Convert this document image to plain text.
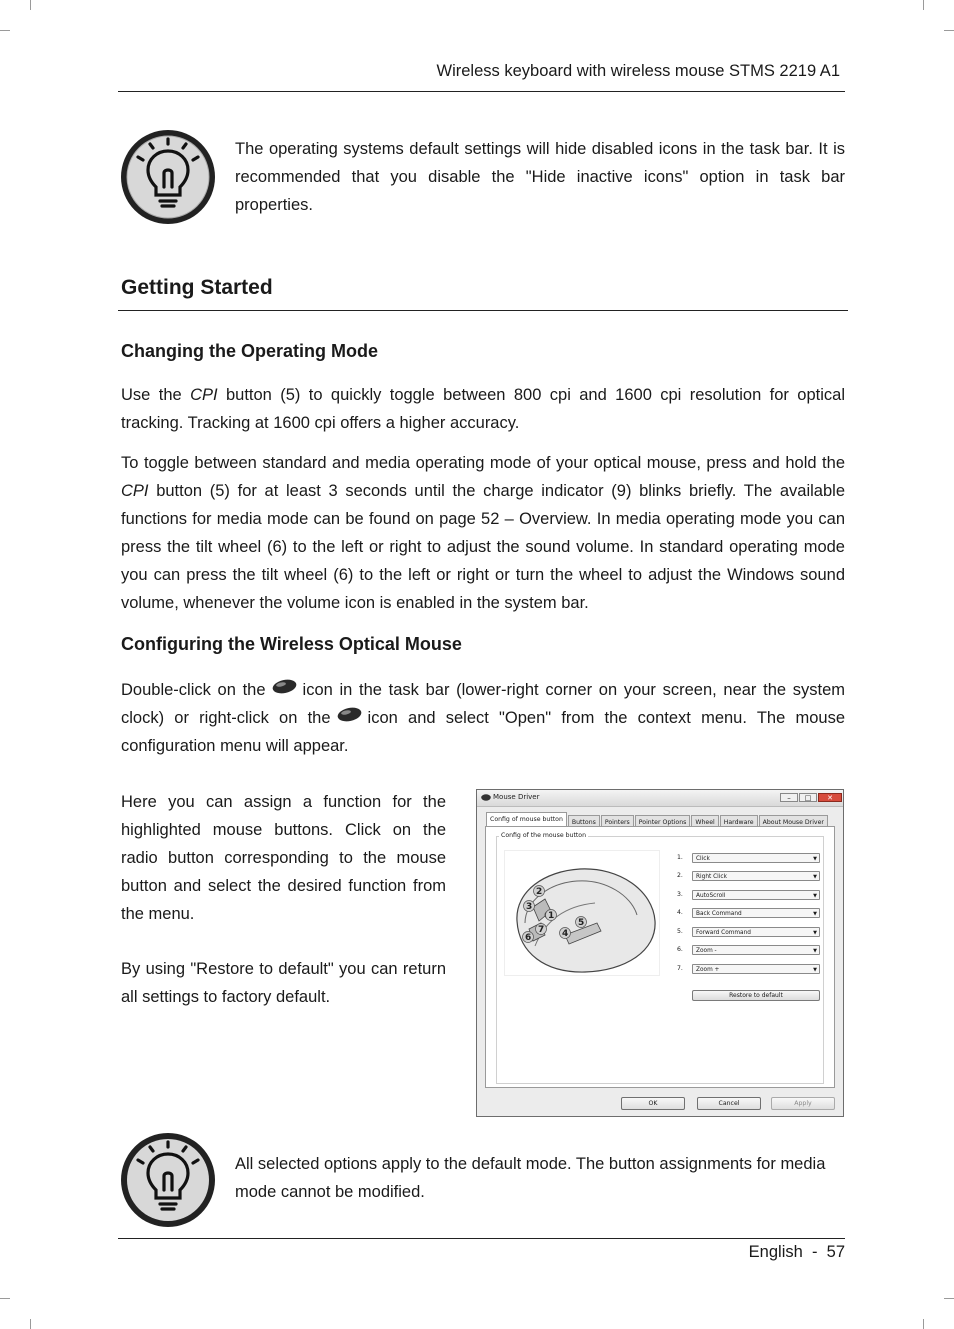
Wireless keyboard with wireless mouse STMS 2219 A1
The operating systems default settings will hide disabled icons in the task bar. It is recommended that you disable the "Hide inactive icons" option in task bar properties.
Getting Started
Changing the Operating Mode

Use the CPI button (5) to quickly toggle between 800 cpi and 1600 cpi resolution for optical tracking. Tracking at 1600 cpi offers a higher accuracy.

To toggle between standard and media operating mode of your optical mouse, press and hold the CPI button (5) for at least 3 seconds until the charge indicator (9) blinks briefly. The available functions for media mode can be found on page 52 – Overview. In media operating mode you can press the tilt wheel (6) to the left or right to adjust the sound volume. In standard operating mode you can press the tilt wheel (6) to the left or right or turn the wheel to adjust the Windows sound volume, whenever the volume icon is enabled in the system bar.

Configuring the Wireless Optical Mouse

Double-click on the icon in the task bar (lower-right corner on your screen, near the system clock) or right-click on the icon and select "Open" from the context menu. The mouse configuration menu will appear.

Here you can assign a function for the highlighted mouse buttons. Click on the radio button corresponding to the mouse button and select the desired function from the menu.

By using "Restore to default" you can return all settings to factory default.

Mouse Driver	–	□	✕
Config of mouse button	Buttons	Pointers	Pointer Options	Wheel	Hardware	About Mouse Driver
Config of the mouse button
2
3
1
7 4
5
6
1.	Click	▼
2.	Right Click	▼
3.	AutoScroll	▼
4.	Back Command	▼
5.	Forward Command	▼
6.	Zoom -	▼
7.	Zoom +	▼
Restore to default
OK	Cancel	Apply
All selected options apply to the default mode. The button assignments for media mode cannot be modified.
English - 57
